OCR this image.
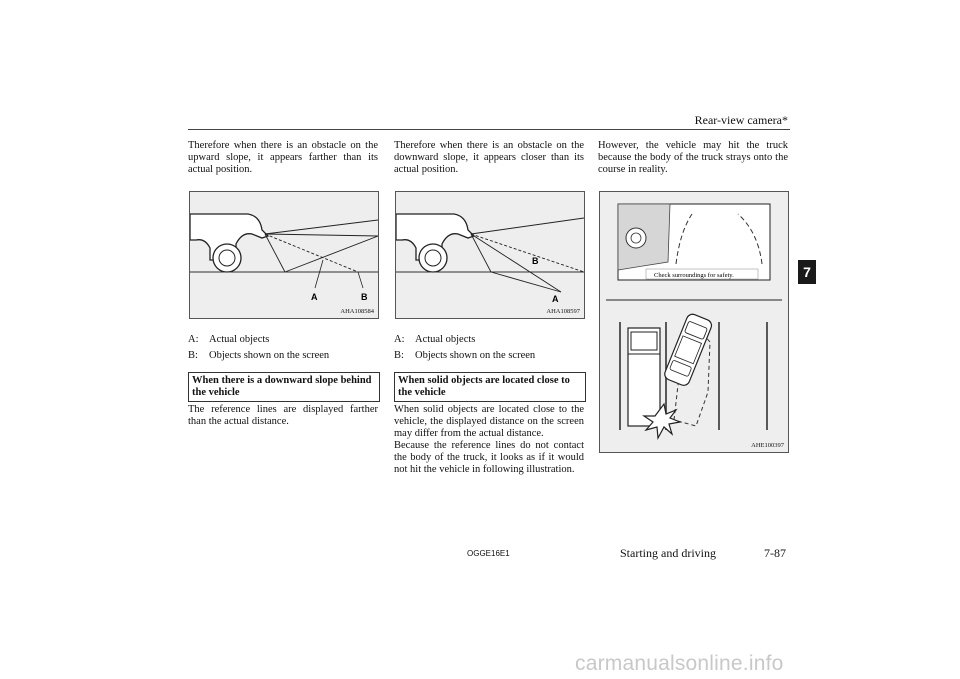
Rear-view camera*
7
Therefore when there is an obstacle on the upward slope, it appears farther than its actual position.
A	B
AHA108584
A:	Actual objects
B:	Objects shown on the screen
When there is a downward slope behind the vehicle
The reference lines are displayed farther than the actual distance.
Therefore when there is an obstacle on the downward slope, it appears closer than its actual position.
B
A
AHA108597
A:	Actual objects
B:	Objects shown on the screen
When solid objects are located close to the vehicle
When solid objects are located close to the vehicle, the displayed distance on the screen may differ from the actual distance.
Because the reference lines do not contact the body of the truck, it looks as if it would not hit the vehicle in following illustration.
However, the vehicle may hit the truck because the body of the truck strays onto the course in reality.
Check surroundings for safety.
AHE100397
OGGE16E1	Starting and driving	7-87
carmanualsonline.info
